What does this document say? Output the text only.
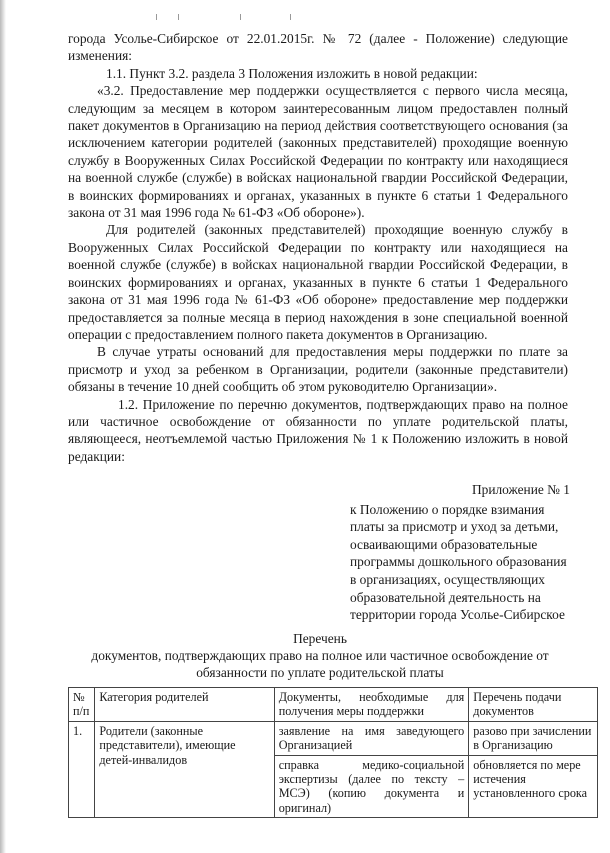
города Усолье-Сибирское от 22.01.2015г. № 72 (далее - Положение) следующие изменения:

1.1. Пункт 3.2. раздела 3 Положения изложить в новой редакции:

«3.2. Предоставление мер поддержки осуществляется с первого числа месяца, следующим за месяцем в котором заинтересованным лицом предоставлен полный пакет документов в Организацию на период действия соответствующего основания (за исключением категории родителей (законных представителей) проходящие военную службу в Вооруженных Силах Российской Федерации по контракту или находящиеся на военной службе (службе) в войсках национальной гвардии Российской Федерации, в воинских формированиях и органах, указанных в пункте 6 статьи 1 Федерального закона от 31 мая 1996 года № 61-ФЗ «Об обороне»).

Для родителей (законных представителей) проходящие военную службу в Вооруженных Силах Российской Федерации по контракту или находящиеся на военной службе (службе) в войсках национальной гвардии Российской Федерации, в воинских формированиях и органах, указанных в пункте 6 статьи 1 Федерального закона от 31 мая 1996 года № 61-ФЗ «Об обороне» предоставление мер поддержки предоставляется за полные месяца в период нахождения в зоне специальной военной операции с предоставлением полного пакета документов в Организацию.

В случае утраты оснований для предоставления меры поддержки по плате за присмотр и уход за ребенком в Организации, родители (законные представители) обязаны в течение 10 дней сообщить об этом руководителю Организации».

1.2. Приложение по перечню документов, подтверждающих право на полное или частичное освобождение от обязанности по уплате родительской платы, являющееся, неотъемлемой частью Приложения № 1 к Положению изложить в новой редакции:

Приложение № 1
к Положению о порядке взимания
платы за присмотр и уход за детьми,
осваивающими образовательные
программы дошкольного образования
в организациях, осуществляющих
образовательной деятельность на
территории города Усолье-Сибирское
Перечень
документов, подтверждающих право на полное или частичное освобождение от
обязанности по уплате родительской платы
№ п/п	Категория родителей	Документы, необходимые для получения меры поддержки	Перечень подачи документов
1.	Родители (законные представители), имеющие детей-инвалидов	заявление на имя заведующего Организацией	разово при зачислении в Организацию
		справка медико-социальной экспертизы (далее по тексту – МСЭ) (копию документа и оригинал)	обновляется по мере истечения установленного срока
